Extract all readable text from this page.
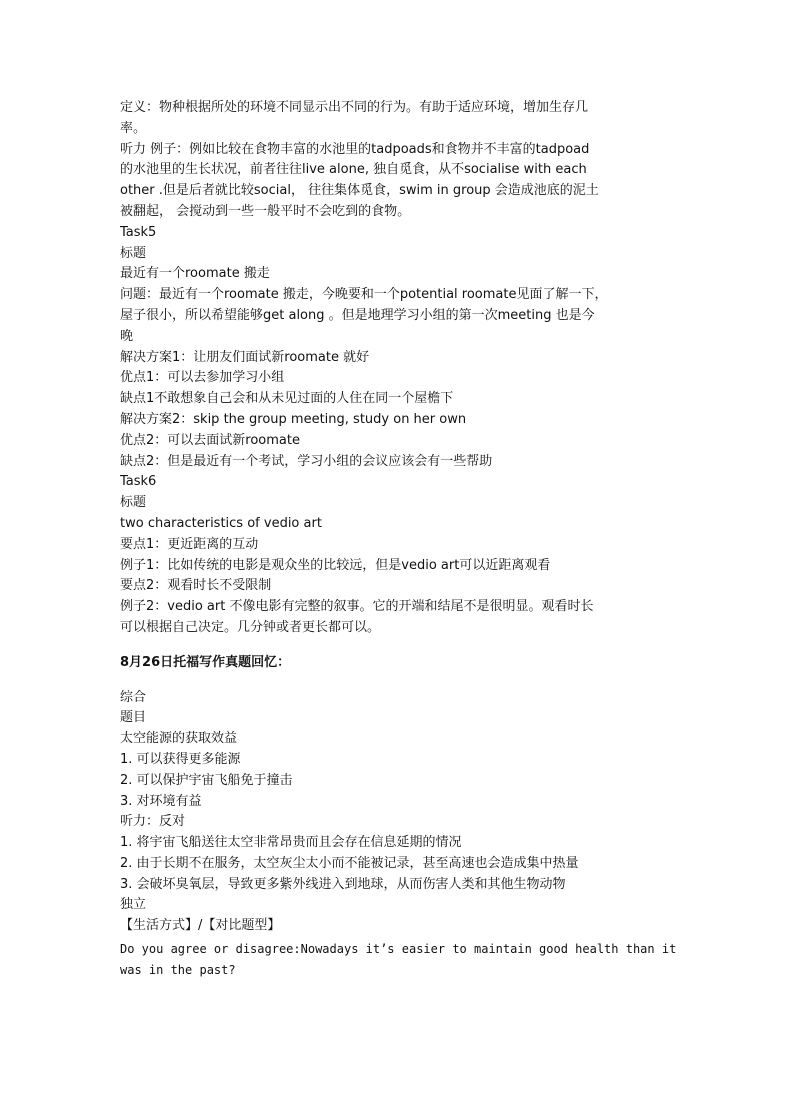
定义：物种根据所处的环境不同显示出不同的行为。有助于适应环境，增加生存几
率。
听力 例子：例如比较在食物丰富的水池里的tadpoads和食物并不丰富的tadpoad
的水池里的生长状况，前者往往live alone, 独自觅食，从不socialise with each
other .但是后者就比较social， 往往集体觅食，swim in group 会造成池底的泥土
被翻起， 会搅动到一些一般平时不会吃到的食物。
Task5
标题
最近有一个roomate 搬走
问题：最近有一个roomate 搬走，今晚要和一个potential roomate见面了解一下，
屋子很小，所以希望能够get along 。但是地理学习小组的第一次meeting 也是今
晚
解决方案1：让朋友们面试新roomate 就好
优点1：可以去参加学习小组
缺点1不敢想象自己会和从未见过面的人住在同一个屋檐下
解决方案2：skip the group meeting, study on her own
优点2：可以去面试新roomate
缺点2：但是最近有一个考试，学习小组的会议应该会有一些帮助
Task6
标题
two characteristics of vedio art
要点1：更近距离的互动
例子1：比如传统的电影是观众坐的比较远，但是vedio art可以近距离观看
要点2：观看时长不受限制
例子2：vedio art 不像电影有完整的叙事。它的开端和结尾不是很明显。观看时长
可以根据自己决定。几分钟或者更长都可以。
8月26日托福写作真题回忆：
综合
题目
太空能源的获取效益
1. 可以获得更多能源
2. 可以保护宇宙飞船免于撞击
3. 对环境有益
听力：反对
1. 将宇宙飞船送往太空非常昂贵而且会存在信息延期的情况
2. 由于长期不在服务，太空灰尘太小而不能被记录，甚至高速也会造成集中热量
3. 会破坏臭氧层，导致更多紫外线进入到地球，从而伤害人类和其他生物动物
独立
【生活方式】/【对比题型】
Do you agree or disagree:Nowadays it’s easier to maintain good health than it
was in the past?
